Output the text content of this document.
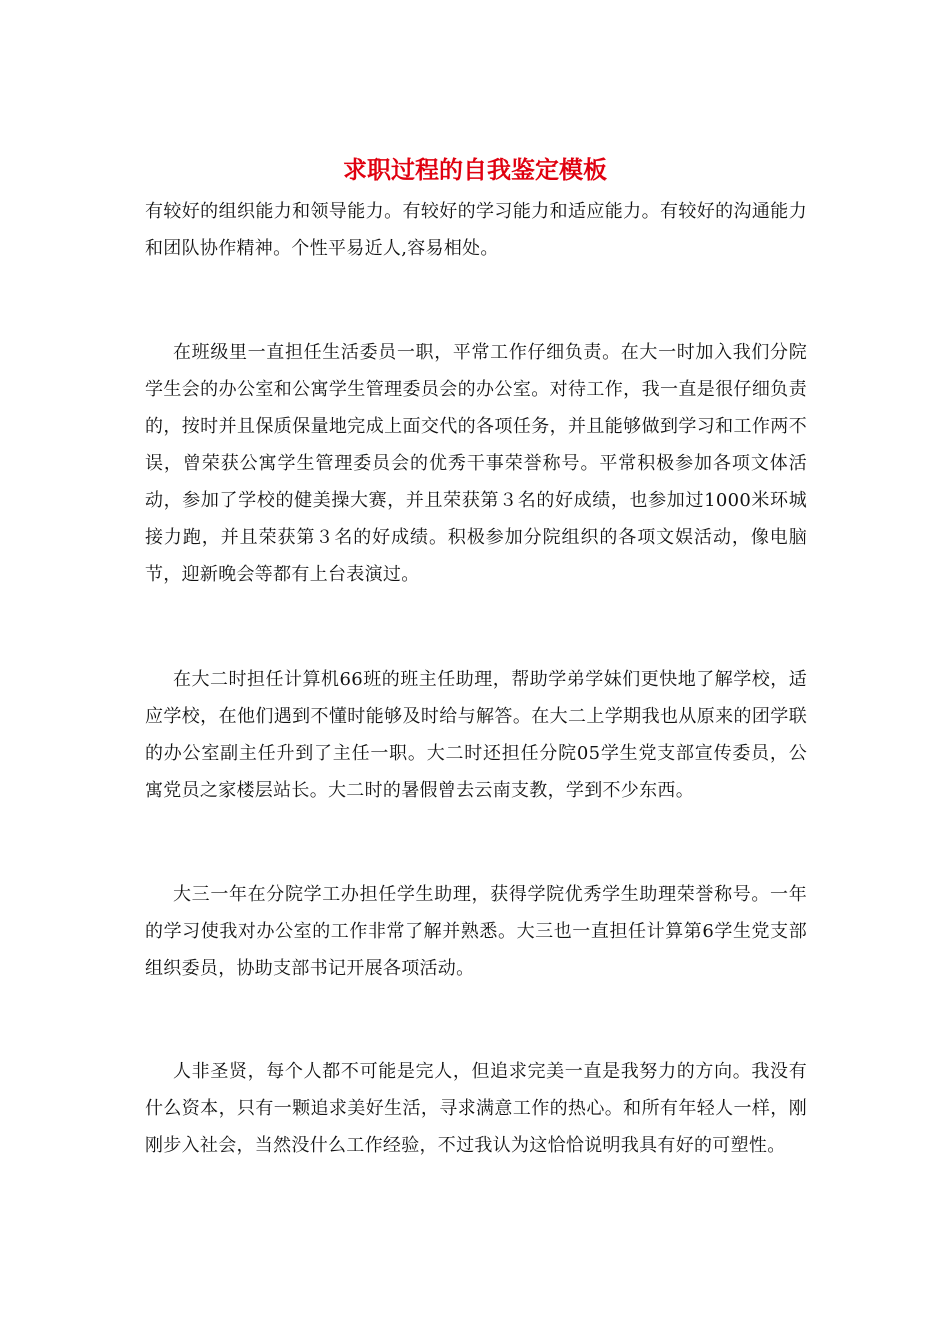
求职过程的自我鉴定模板

有较好的组织能力和领导能力。有较好的学习能力和适应能力。有较好的沟通能力和团队协作精神。个性平易近人,容易相处。

在班级里一直担任生活委员一职，平常工作仔细负责。在大一时加入我们分院学生会的办公室和公寓学生管理委员会的办公室。对待工作，我一直是很仔细负责的，按时并且保质保量地完成上面交代的各项任务，并且能够做到学习和工作两不误，曾荣获公寓学生管理委员会的优秀干事荣誉称号。平常积极参加各项文体活动，参加了学校的健美操大赛，并且荣获第３名的好成绩，也参加过1000米环城接力跑，并且荣获第３名的好成绩。积极参加分院组织的各项文娱活动，像电脑节，迎新晚会等都有上台表演过。

在大二时担任计算机66班的班主任助理，帮助学弟学妹们更快地了解学校，适应学校，在他们遇到不懂时能够及时给与解答。在大二上学期我也从原来的团学联的办公室副主任升到了主任一职。大二时还担任分院05学生党支部宣传委员，公寓党员之家楼层站长。大二时的暑假曾去云南支教，学到不少东西。

大三一年在分院学工办担任学生助理，获得学院优秀学生助理荣誉称号。一年的学习使我对办公室的工作非常了解并熟悉。大三也一直担任计算第6学生党支部组织委员，协助支部书记开展各项活动。

人非圣贤，每个人都不可能是完人，但追求完美一直是我努力的方向。我没有什么资本，只有一颗追求美好生活，寻求满意工作的热心。和所有年轻人一样，刚刚步入社会，当然没什么工作经验，不过我认为这恰恰说明我具有好的可塑性。
